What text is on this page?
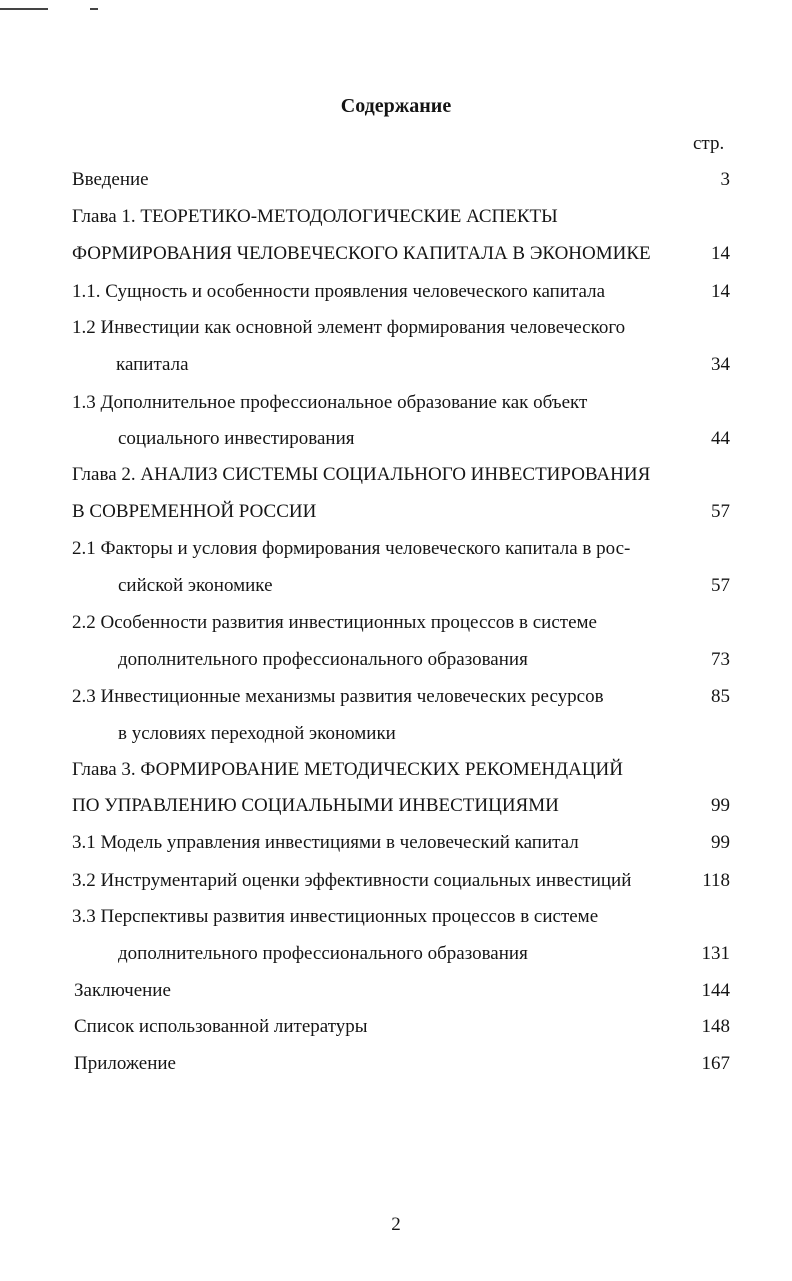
Содержание
стр.
Введение	3
Глава 1. ТЕОРЕТИКО-МЕТОДОЛОГИЧЕСКИЕ АСПЕКТЫ
ФОРМИРОВАНИЯ ЧЕЛОВЕЧЕСКОГО КАПИТАЛА В ЭКОНОМИКЕ	14
1.1. Сущность и особенности проявления человеческого капитала	14
1.2 Инвестиции как основной элемент формирования человеческого
капитала	34
1.3 Дополнительное профессиональное образование как объект
социального инвестирования	44
Глава 2. АНАЛИЗ СИСТЕМЫ СОЦИАЛЬНОГО ИНВЕСТИРОВАНИЯ
В СОВРЕМЕННОЙ РОССИИ	57
2.1 Факторы и условия формирования человеческого капитала в рос-
сийской экономике	57
2.2 Особенности развития инвестиционных процессов в системе
дополнительного профессионального образования	73
2.3 Инвестиционные механизмы развития человеческих ресурсов	85
в условиях переходной экономики
Глава 3. ФОРМИРОВАНИЕ МЕТОДИЧЕСКИХ РЕКОМЕНДАЦИЙ
ПО УПРАВЛЕНИЮ СОЦИАЛЬНЫМИ ИНВЕСТИЦИЯМИ	99
3.1 Модель управления инвестициями в человеческий капитал	99
3.2 Инструментарий оценки эффективности социальных инвестиций	118
3.3 Перспективы развития инвестиционных процессов в системе
дополнительного профессионального образования	131
Заключение	144
Список использованной литературы	148
Приложение	167
2
